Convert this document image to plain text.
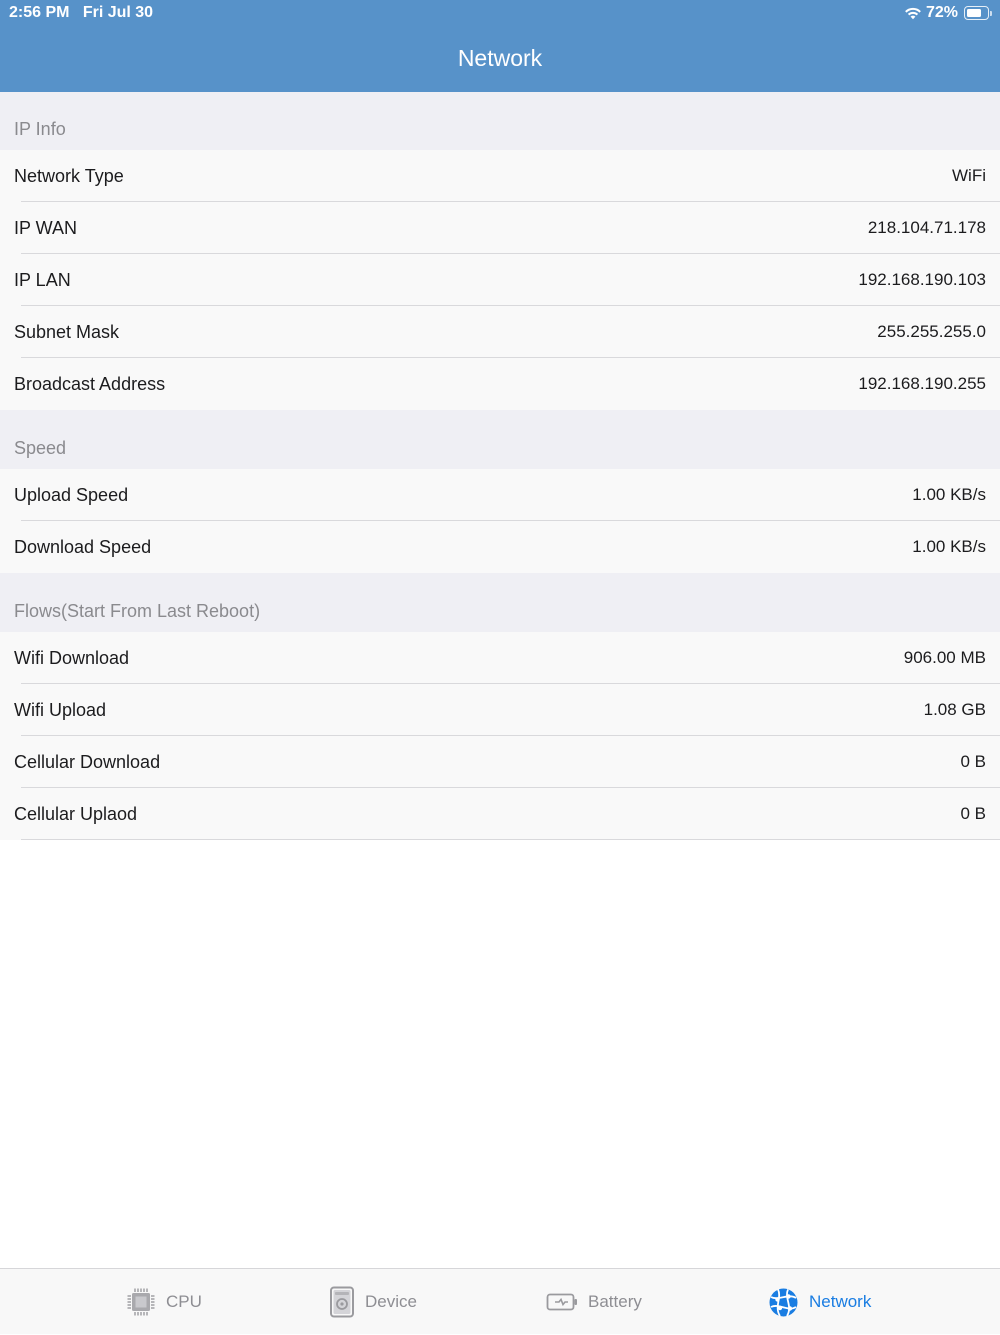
2:56 PM Fri Jul 30	72%
Network
IP Info
Network Type	WiFi
IP WAN	218.104.71.178
IP LAN	192.168.190.103
Subnet Mask	255.255.255.0
Broadcast Address	192.168.190.255
Speed
Upload Speed	1.00 KB/s
Download Speed	1.00 KB/s
Flows(Start From Last Reboot)
Wifi Download	906.00 MB
Wifi Upload	1.08 GB
Cellular Download	0 B
Cellular Uplaod	0 B
CPU	Device	Battery	Network
